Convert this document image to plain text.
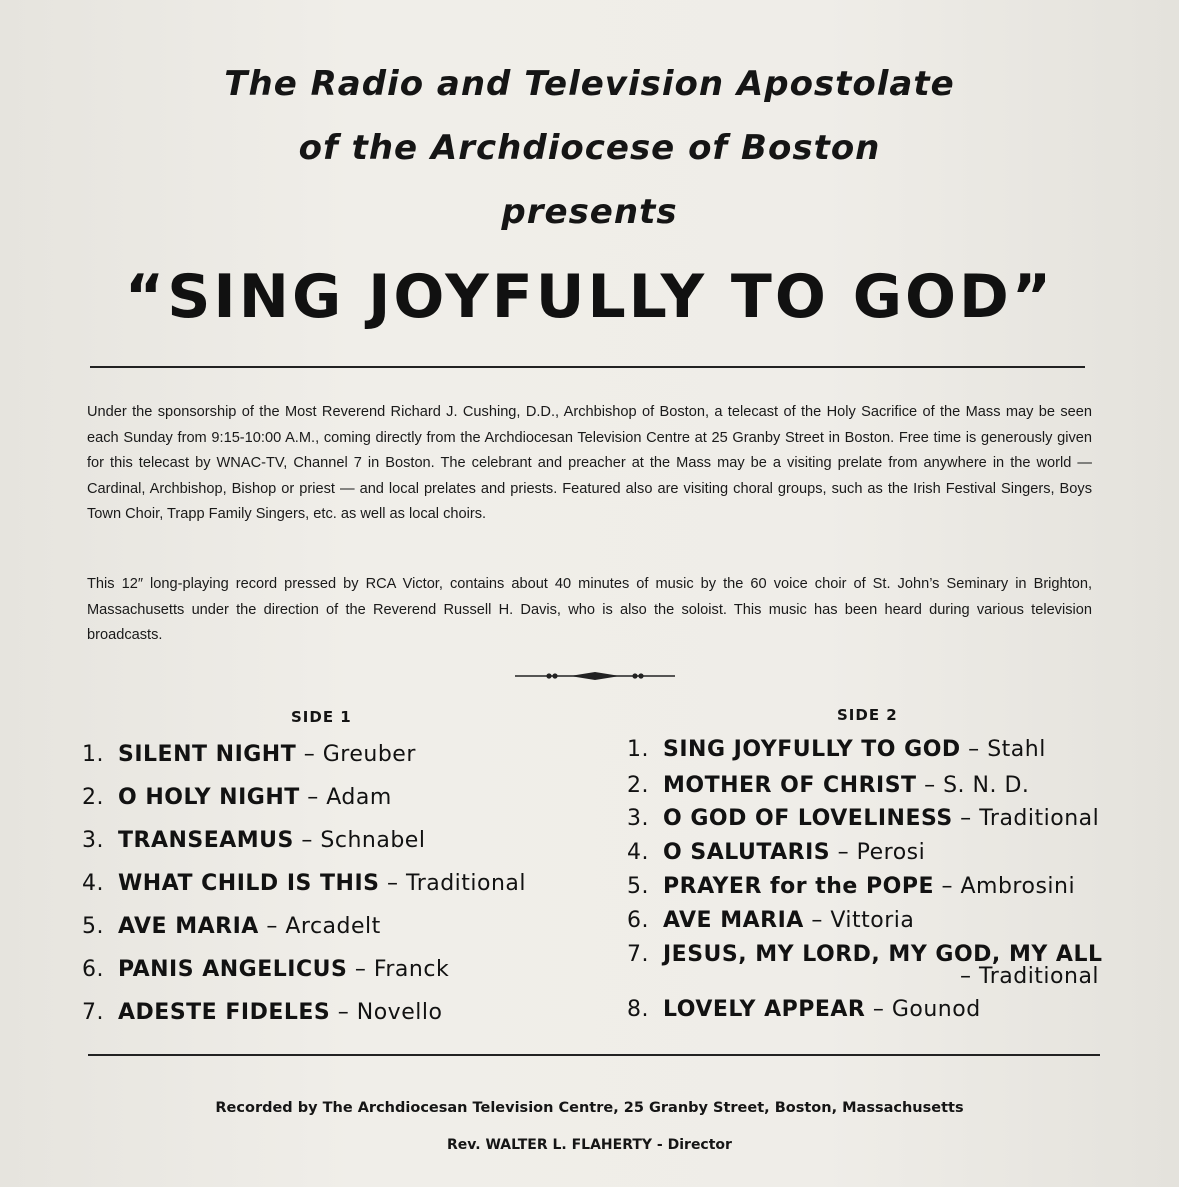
The Radio and Television Apostolate
of the Archdiocese of Boston
presents
“SING JOYFULLY TO GOD”
Under the sponsorship of the Most Reverend Richard J. Cushing, D.D., Archbishop of Boston, a telecast of the Holy Sacrifice of the Mass may be seen each Sunday from 9:15-10:00 A.M., coming directly from the Archdiocesan Television Centre at 25 Granby Street in Boston. Free time is generously given for this telecast by WNAC-TV, Channel 7 in Boston. The celebrant and preacher at the Mass may be a visiting prelate from anywhere in the world — Cardinal, Archbishop, Bishop or priest — and local prelates and priests. Featured also are visiting choral groups, such as the Irish Festival Singers, Boys Town Choir, Trapp Family Singers, etc. as well as local choirs.
This 12″ long-playing record pressed by RCA Victor, contains about 40 minutes of music by the 60 voice choir of St. John’s Seminary in Brighton, Massachusetts under the direction of the Reverend Russell H. Davis, who is also the soloist. This music has been heard during various television broadcasts.
SIDE 1	SIDE 2
1. SILENT NIGHT – Greuber
2. O HOLY NIGHT – Adam
3. TRANSEAMUS – Schnabel
4. WHAT CHILD IS THIS – Traditional
5. AVE MARIA – Arcadelt
6. PANIS ANGELICUS – Franck
7. ADESTE FIDELES – Novello
1. SING JOYFULLY TO GOD – Stahl
2. MOTHER OF CHRIST – S. N. D.
3. O GOD OF LOVELINESS – Traditional
4. O SALUTARIS – Perosi
5. PRAYER for the POPE – Ambrosini
6. AVE MARIA – Vittoria
7. JESUS, MY LORD, MY GOD, MY ALL
– Traditional
8. LOVELY APPEAR – Gounod
Recorded by The Archdiocesan Television Centre, 25 Granby Street, Boston, Massachusetts
Rev. WALTER L. FLAHERTY - Director
